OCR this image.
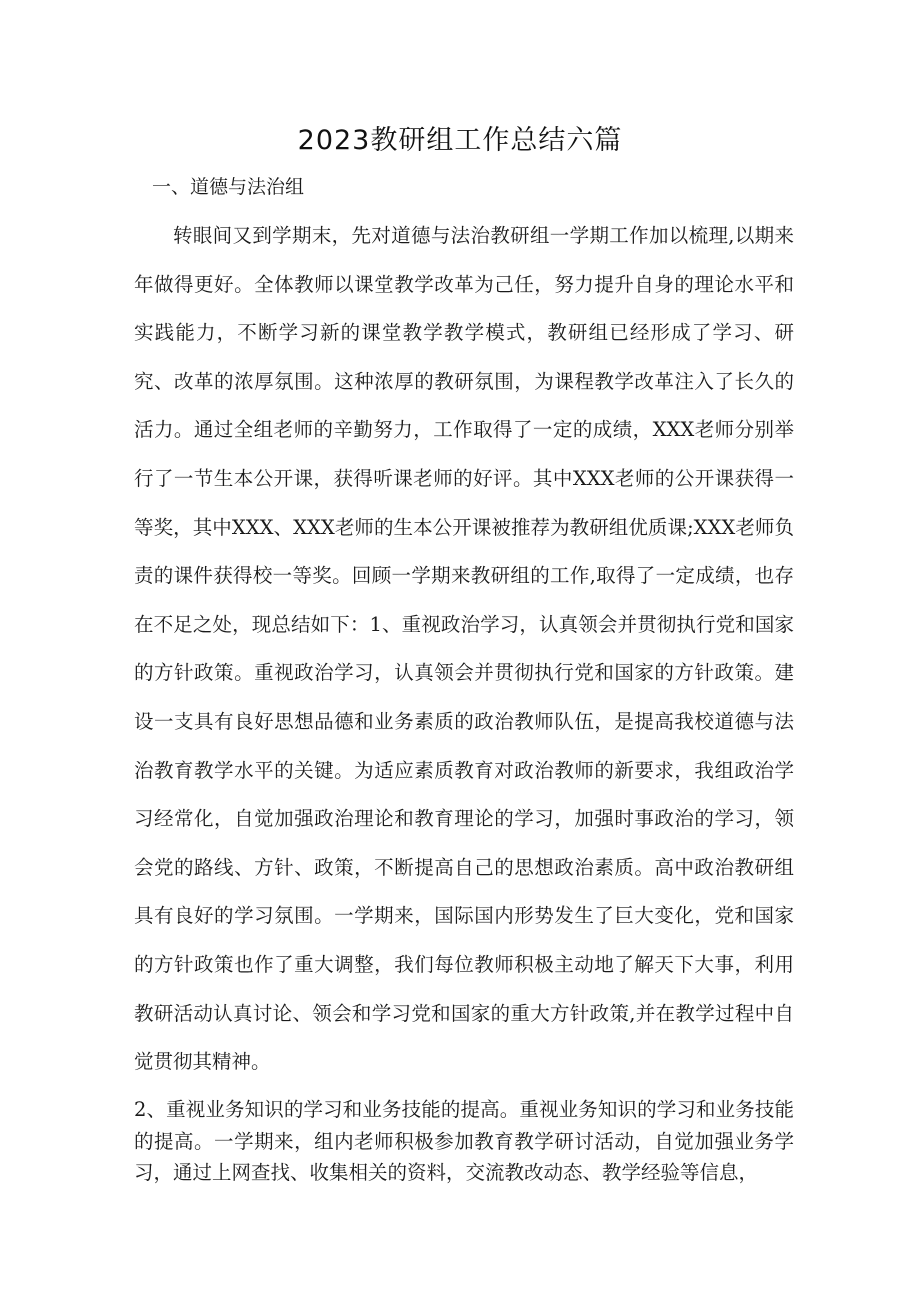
2023教研组工作总结六篇
一、道德与法治组

转眼间又到学期末，先对道德与法治教研组一学期工作加以梳理,以期来年做得更好。全体教师以课堂教学改革为己任，努力提升自身的理论水平和实践能力，不断学习新的课堂教学教学模式，教研组已经形成了学习、研究、改革的浓厚氛围。这种浓厚的教研氛围，为课程教学改革注入了长久的活力。通过全组老师的辛勤努力，工作取得了一定的成绩，XXX老师分别举行了一节生本公开课，获得听课老师的好评。其中XXX老师的公开课获得一等奖，其中XXX、XXX老师的生本公开课被推荐为教研组优质课;XXX老师负责的课件获得校一等奖。回顾一学期来教研组的工作,取得了一定成绩，也存在不足之处，现总结如下：1、重视政治学习，认真领会并贯彻执行党和国家的方针政策。重视政治学习，认真领会并贯彻执行党和国家的方针政策。建设一支具有良好思想品德和业务素质的政治教师队伍，是提高我校道德与法治教育教学水平的关键。为适应素质教育对政治教师的新要求，我组政治学习经常化，自觉加强政治理论和教育理论的学习，加强时事政治的学习，领会党的路线、方针、政策，不断提高自己的思想政治素质。高中政治教研组具有良好的学习氛围。一学期来，国际国内形势发生了巨大变化，党和国家的方针政策也作了重大调整，我们每位教师积极主动地了解天下大事，利用教研活动认真讨论、领会和学习党和国家的重大方针政策,并在教学过程中自觉贯彻其精神。

2、重视业务知识的学习和业务技能的提高。重视业务知识的学习和业务技能的提高。一学期来，组内老师积极参加教育教学研讨活动，自觉加强业务学习，通过上网查找、收集相关的资料，交流教改动态、教学经验等信息，
